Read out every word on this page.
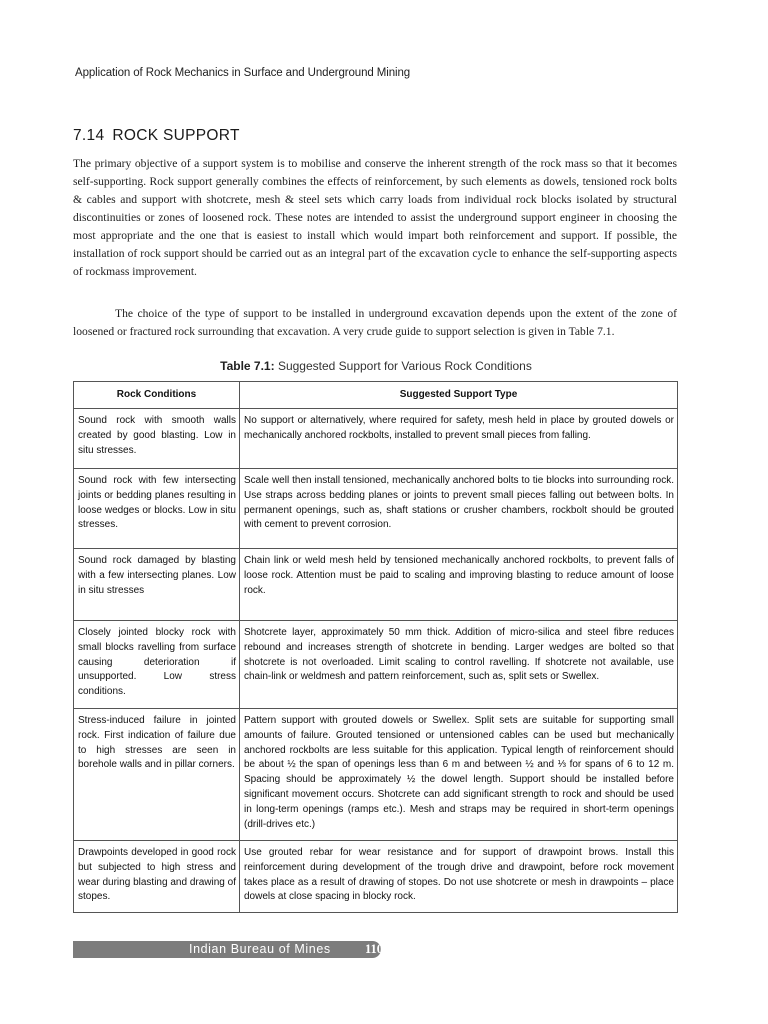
Application of Rock Mechanics in Surface and Underground Mining
7.14 ROCK SUPPORT

The primary objective of a support system is to mobilise and conserve the inherent strength of the rock mass so that it becomes self-supporting. Rock support generally combines the effects of reinforcement, by such elements as dowels, tensioned rock bolts & cables and support with shotcrete, mesh & steel sets which carry loads from individual rock blocks isolated by structural discontinuities or zones of loosened rock. These notes are intended to assist the underground support engineer in choosing the most appropriate and the one that is easiest to install which would impart both reinforcement and support. If possible, the installation of rock support should be carried out as an integral part of the excavation cycle to enhance the self-supporting aspects of rockmass improvement.

The choice of the type of support to be installed in underground excavation depends upon the extent of the zone of loosened or fractured rock surrounding that excavation. A very crude guide to support selection is given in Table 7.1.

Table 7.1: Suggested Support for Various Rock Conditions
Rock Conditions	Suggested Support Type
Sound rock with smooth walls created by good blasting. Low in situ stresses.	No support or alternatively, where required for safety, mesh held in place by grouted dowels or mechanically anchored rockbolts, installed to prevent small pieces from falling.
Sound rock with few intersecting joints or bedding planes resulting in loose wedges or blocks. Low in situ stresses.	Scale well then install tensioned, mechanically anchored bolts to tie blocks into surrounding rock. Use straps across bedding planes or joints to prevent small pieces falling out between bolts. In permanent openings, such as, shaft stations or crusher chambers, rockbolt should be grouted with cement to prevent corrosion.
Sound rock damaged by blasting with a few intersecting planes. Low in situ stresses	Chain link or weld mesh held by tensioned mechanically anchored rockbolts, to prevent falls of loose rock. Attention must be paid to scaling and improving blasting to reduce amount of loose rock.
Closely jointed blocky rock with small blocks ravelling from surface causing deterioration if unsupported. Low stress conditions.	Shotcrete layer, approximately 50 mm thick. Addition of micro-silica and steel fibre reduces rebound and increases strength of shotcrete in bending. Larger wedges are bolted so that shotcrete is not overloaded. Limit scaling to control ravelling. If shotcrete not available, use chain-link or weldmesh and pattern reinforcement, such as, split sets or Swellex.
Stress-induced failure in jointed rock. First indication of failure due to high stresses are seen in borehole walls and in pillar corners.	Pattern support with grouted dowels or Swellex. Split sets are suitable for supporting small amounts of failure. Grouted tensioned or untensioned cables can be used but mechanically anchored rockbolts are less suitable for this application. Typical length of reinforcement should be about ½ the span of openings less than 6 m and between ½ and ⅓ for spans of 6 to 12 m. Spacing should be approximately ½ the dowel length. Support should be installed before significant movement occurs. Shotcrete can add significant strength to rock and should be used in long-term openings (ramps etc.). Mesh and straps may be required in short-term openings (drill-drives etc.)
Drawpoints developed in good rock but subjected to high stress and wear during blasting and drawing of stopes.	Use grouted rebar for wear resistance and for support of drawpoint brows. Install this reinforcement during development of the trough drive and drawpoint, before rock movement takes place as a result of drawing of stopes. Do not use shotcrete or mesh in drawpoints – place dowels at close spacing in blocky rock.
Indian Bureau of Mines	110
